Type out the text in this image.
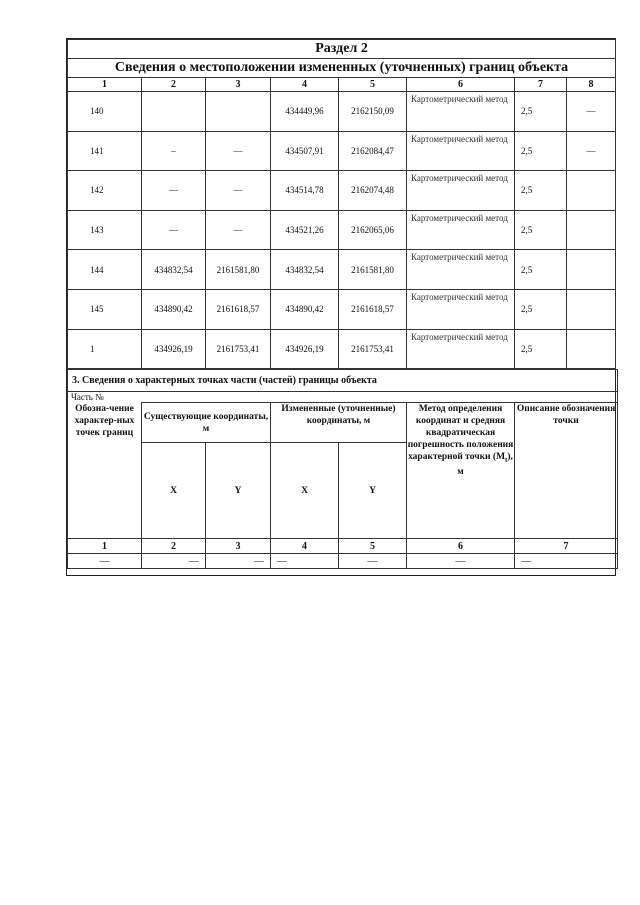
Раздел 2							
Сведения о местоположении измененных (уточненных) границ объекта							
1	2	3	4	5	6	7	8
140			434449,96	2162150,09	Картометрический метод	2,5	—
141	–	—	434507,91	2162084,47	Картометрический метод	2,5	—
142	—	—	434514,78	2162074,48	Картометрический метод	2,5	
143	—	—	434521,26	2162065,06	Картометрический метод	2,5	
144	434832,54	2161581,80	434832,54	2161581,80	Картометрический метод	2,5	
145	434890,42	2161618,57	434890,42	2161618,57	Картометрический метод	2,5	
1	434926,19	2161753,41	434926,19	2161753,41	Картометрический метод	2,5	
3. Сведения о характерных точках части (частей) границы объекта						
Часть №						
Обозна-чение характер-ных точек границ	Существующие координаты, м		Измененные (уточненные) координаты, м		Метод определения координат и средняя квадратическая погрешность положения характерной точки $(M_t)$, м	Описание обозначения точки
	X	Y	X	Y		
1	2	3	4	5	6	7
—	—	—	—	—	—	—
